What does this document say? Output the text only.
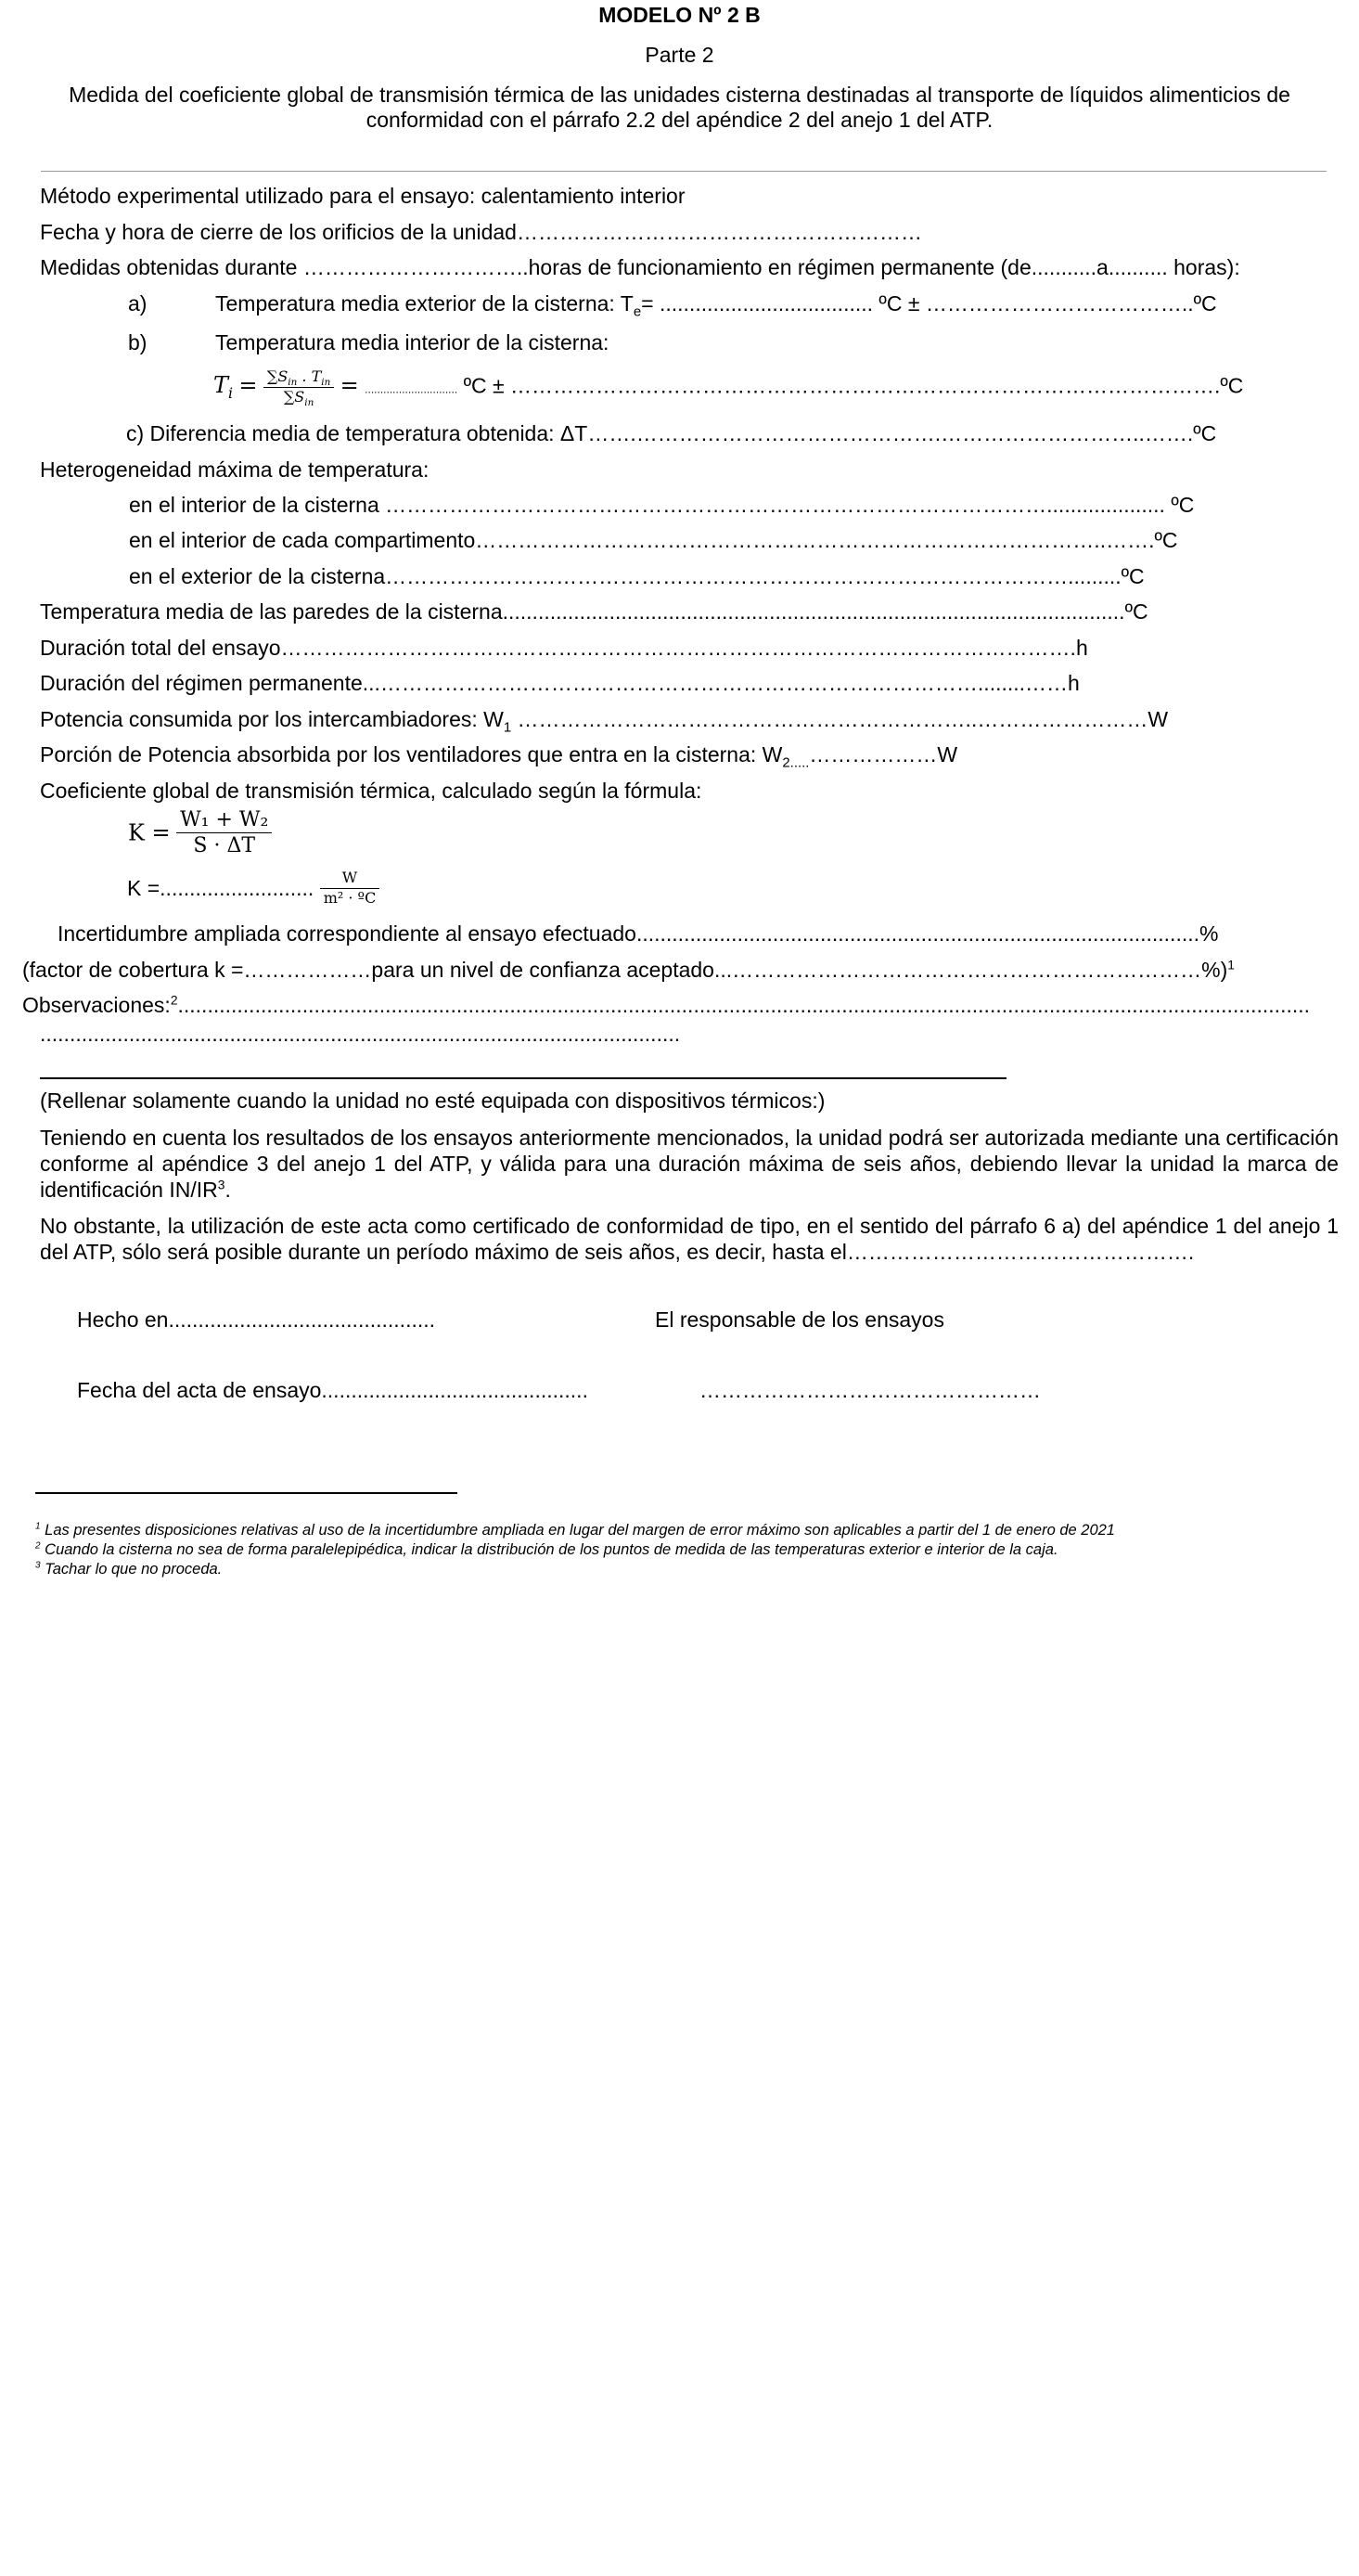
MODELO Nº 2 B
Parte 2
Medida del coeficiente global de transmisión térmica de las unidades cisterna destinadas al transporte de líquidos alimenticios de
conformidad con el párrafo 2.2 del apéndice 2 del anejo 1 del ATP.
Método experimental utilizado para el ensayo: calentamiento interior
Fecha y hora de cierre de los orificios de la unidad…………………………………………………
Medidas obtenidas durante …………………………..horas de funcionamiento en régimen permanente (de...........a.......... horas):
a)	Temperatura media exterior de la cisterna: $T_e=$ .................................... ºC ± ………………………………..ºC
b)	Temperatura media interior de la cisterna:
$T_i = \frac{\sum S_{in} . T_{in}}{\sum S_{in}}$ = .............................. ºC ± ……………………………………………………………………………………….ºC
c) Diferencia media de temperatura obtenida: ΔT…….…………………………………….………………………..…….ºC
Heterogeneidad máxima de temperatura:
en el interior de la cisterna ………………………………………………………………………………….................... ºC
en el interior de cada compartimento……………………………………………………………………………..…….ºC
en el exterior de la cisterna…………………………………………………………………………………….........ºC
Temperatura media de las paredes de la cisterna.........................................................................................................ºC
Duración total del ensayo………………………………………………………………………………………………….h
Duración del régimen permanente...…………………………………………………………………………........……h
Potencia consumida por los intercambiadores: $W_1$ ………………………………………………………..……………………W
Porción de Potencia absorbida por los ventiladores que entra en la cisterna: $W_{2.....}\dots\dots\dots\dots\dots\dots W$
Coeficiente global de transmisión térmica, calculado según la fórmula:
$K = \frac{\text{W₁ + W₂}}{S \cdot \Delta T}$
K =.......................... $\frac{W}{\text{m² · ºC}}$
Incertidumbre ampliada correspondiente al ensayo efectuado...............................................................................................%
(factor de cobertura k =………………para un nivel de confianza aceptado...…………………………………………………………%)$^1$
Observaciones:$^2$...............................................................................................................................................................................................
............................................................................................................
(Rellenar solamente cuando la unidad no esté equipada con dispositivos térmicos:)
Teniendo en cuenta los resultados de los ensayos anteriormente mencionados, la unidad podrá ser autorizada mediante una certificación conforme al apéndice 3 del anejo 1 del ATP, y válida para una duración máxima de seis años, debiendo llevar la unidad la marca de identificación $IN/IR^3$.
No obstante, la utilización de este acta como certificado de conformidad de tipo, en el sentido del párrafo 6 a) del apéndice 1 del anejo 1 del ATP, sólo será posible durante un período máximo de seis años, es decir, hasta el………………………………………….
Hecho en.............................................	El responsable de los ensayos
Fecha del acta de ensayo.............................................	…………………………………………
$^1$ Las presentes disposiciones relativas al uso de la incertidumbre ampliada en lugar del margen de error máximo son aplicables a partir del 1 de enero de 2021
$^2$ Cuando la cisterna no sea de forma paralelepipédica, indicar la distribución de los puntos de medida de las temperaturas exterior e interior de la caja.
$^3$ Tachar lo que no proceda.
